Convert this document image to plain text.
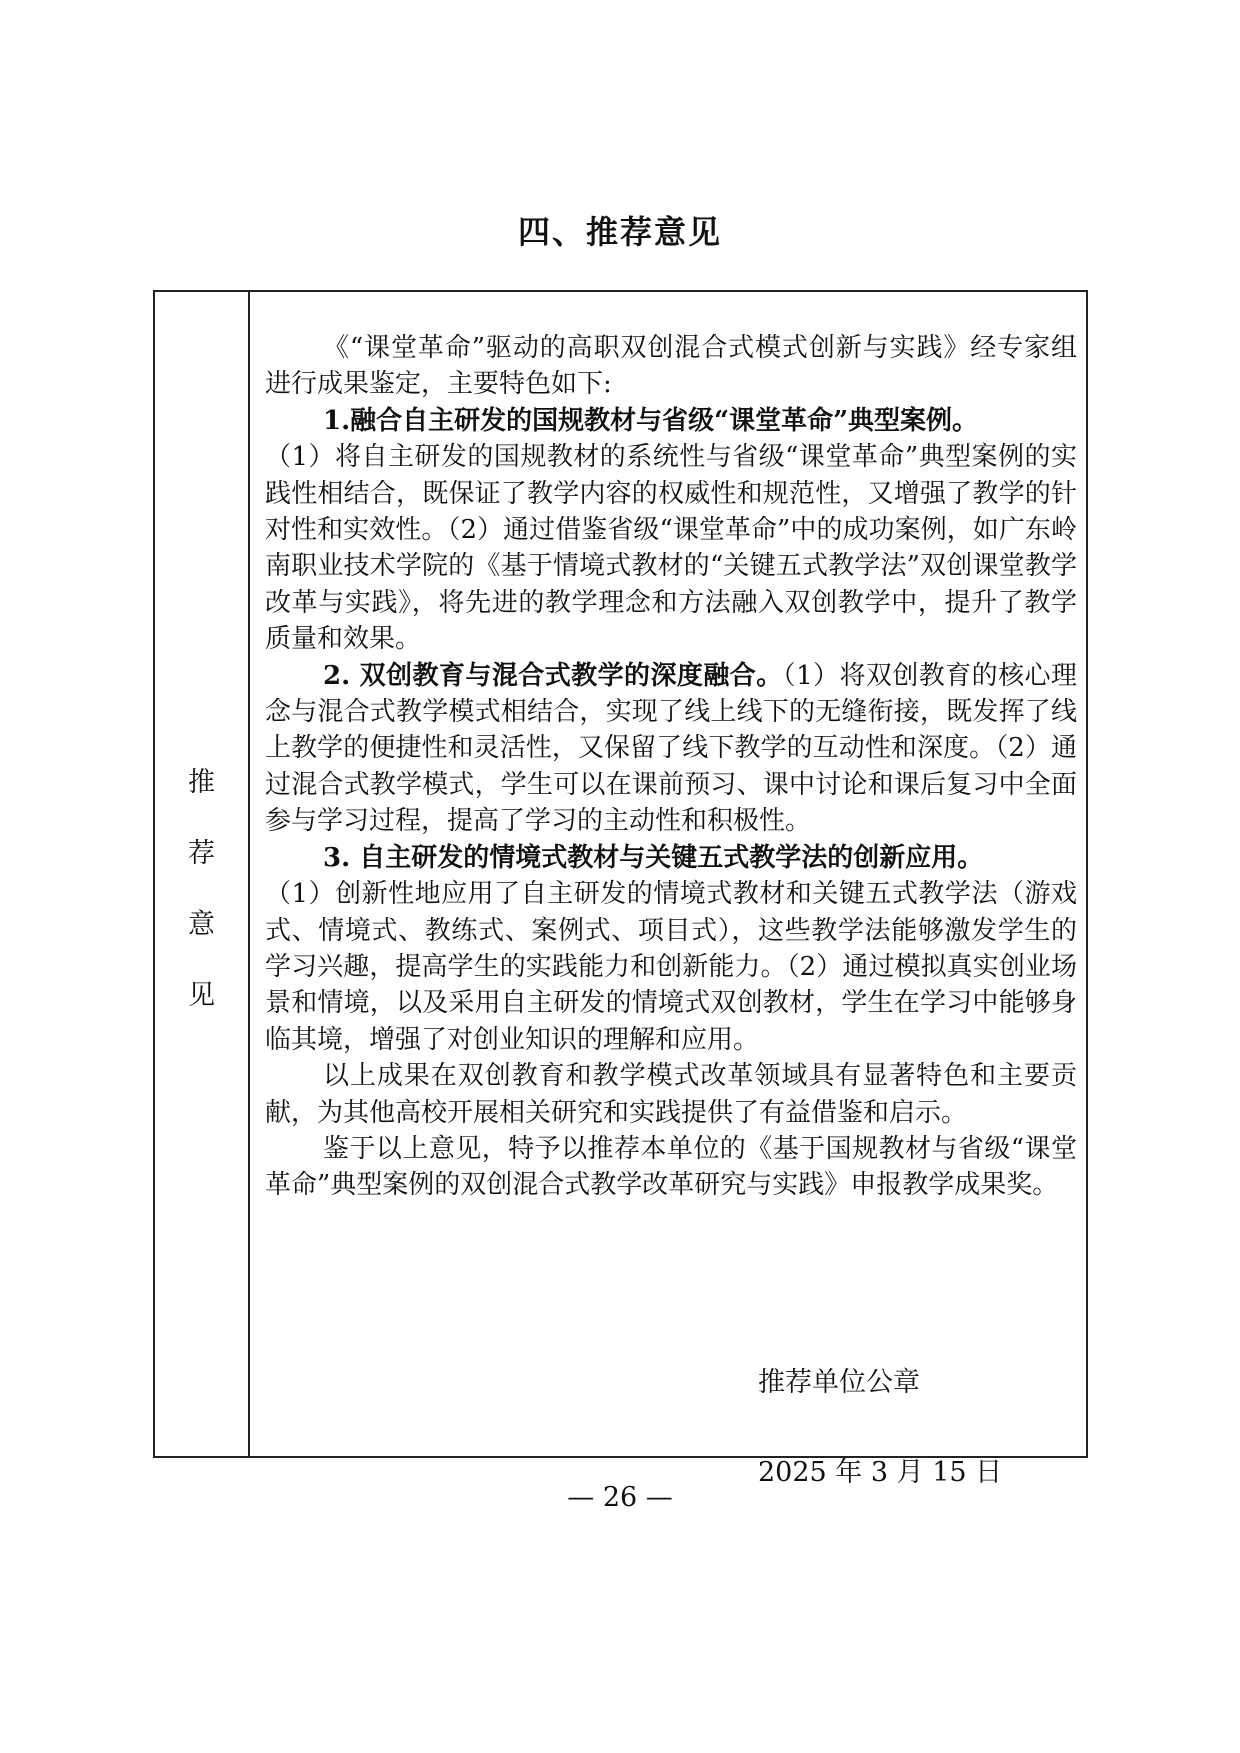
四、推荐意见
推
荐
意
见

《“课堂革命”驱动的高职双创混合式模式创新与实践》经专家组进行成果鉴定，主要特色如下:

1.融合自主研发的国规教材与省级“课堂革命”典型案例。

（1）将自主研发的国规教材的系统性与省级“课堂革命”典型案例的实践性相结合，既保证了教学内容的权威性和规范性，又增强了教学的针对性和实效性。（2）通过借鉴省级“课堂革命”中的成功案例，如广东岭南职业技术学院的《基于情境式教材的“关键五式教学法”双创课堂教学改革与实践》，将先进的教学理念和方法融入双创教学中，提升了教学质量和效果。

2. 双创教育与混合式教学的深度融合。（1）将双创教育的核心理念与混合式教学模式相结合，实现了线上线下的无缝衔接，既发挥了线上教学的便捷性和灵活性，又保留了线下教学的互动性和深度。（2）通过混合式教学模式，学生可以在课前预习、课中讨论和课后复习中全面参与学习过程，提高了学习的主动性和积极性。

3. 自主研发的情境式教材与关键五式教学法的创新应用。

（1）创新性地应用了自主研发的情境式教材和关键五式教学法（游戏式、情境式、教练式、案例式、项目式），这些教学法能够激发学生的学习兴趣，提高学生的实践能力和创新能力。（2）通过模拟真实创业场景和情境，以及采用自主研发的情境式双创教材，学生在学习中能够身临其境，增强了对创业知识的理解和应用。

以上成果在双创教育和教学模式改革领域具有显著特色和主要贡献，为其他高校开展相关研究和实践提供了有益借鉴和启示。

鉴于以上意见，特予以推荐本单位的《基于国规教材与省级“课堂革命”典型案例的双创混合式教学改革研究与实践》申报教学成果奖。

推荐单位公章
2025 年 3 月 15 日
— 26 —
